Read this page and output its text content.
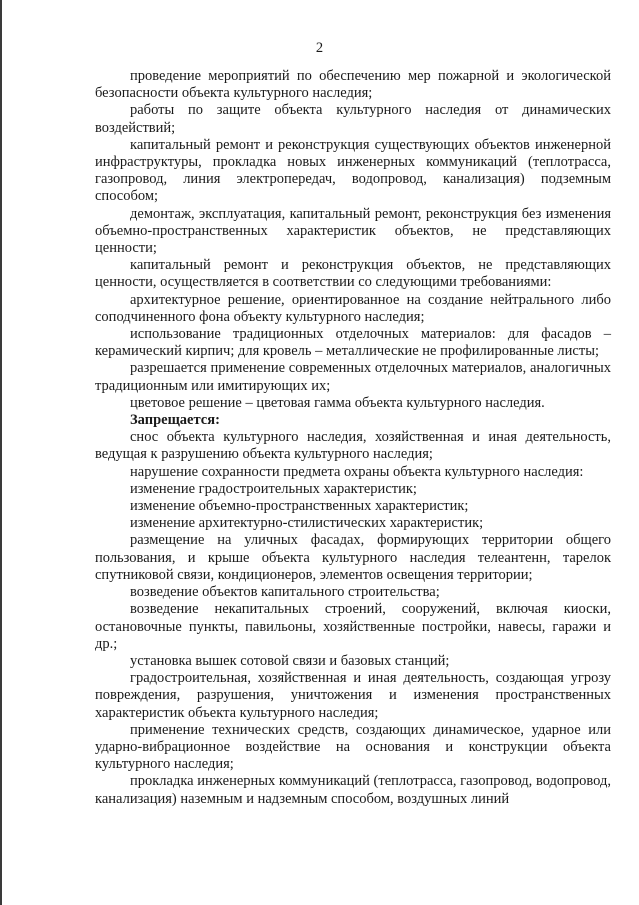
2

проведение мероприятий по обеспечению мер пожарной и экологической безопасности объекта культурного наследия;

работы по защите объекта культурного наследия от динамических воздействий;

капитальный ремонт и реконструкция существующих объектов инженерной инфраструктуры, прокладка новых инженерных коммуникаций (теплотрасса, газопровод, линия электропередач, водопровод, канализация) подземным способом;

демонтаж, эксплуатация, капитальный ремонт, реконструкция без изменения объемно-пространственных характеристик объектов, не представляющих ценности;

капитальный ремонт и реконструкция объектов, не представляющих ценности, осуществляется в соответствии со следующими требованиями:

архитектурное решение, ориентированное на создание нейтрального либо соподчиненного фона объекту культурного наследия;

использование традиционных отделочных материалов: для фасадов – керамический кирпич; для кровель – металлические не профилированные листы;

разрешается применение современных отделочных материалов, аналогичных традиционным или имитирующих их;

цветовое решение – цветовая гамма объекта культурного наследия.

Запрещается:

снос объекта культурного наследия, хозяйственная и иная деятельность, ведущая к разрушению объекта культурного наследия;

нарушение сохранности предмета охраны объекта культурного наследия:

изменение градостроительных характеристик;

изменение объемно-пространственных характеристик;

изменение архитектурно-стилистических характеристик;

размещение на уличных фасадах, формирующих территории общего пользования, и крыше объекта культурного наследия телеантенн, тарелок спутниковой связи, кондиционеров, элементов освещения территории;

возведение объектов капитального строительства;

возведение некапитальных строений, сооружений, включая киоски, остановочные пункты, павильоны, хозяйственные постройки, навесы, гаражи и др.;

установка вышек сотовой связи и базовых станций;

градостроительная, хозяйственная и иная деятельность, создающая угрозу повреждения, разрушения, уничтожения и изменения пространственных характеристик объекта культурного наследия;

применение технических средств, создающих динамическое, ударное или ударно-вибрационное воздействие на основания и конструкции объекта культурного наследия;

прокладка инженерных коммуникаций (теплотрасса, газопровод, водопровод, канализация) наземным и надземным способом, воздушных линий
